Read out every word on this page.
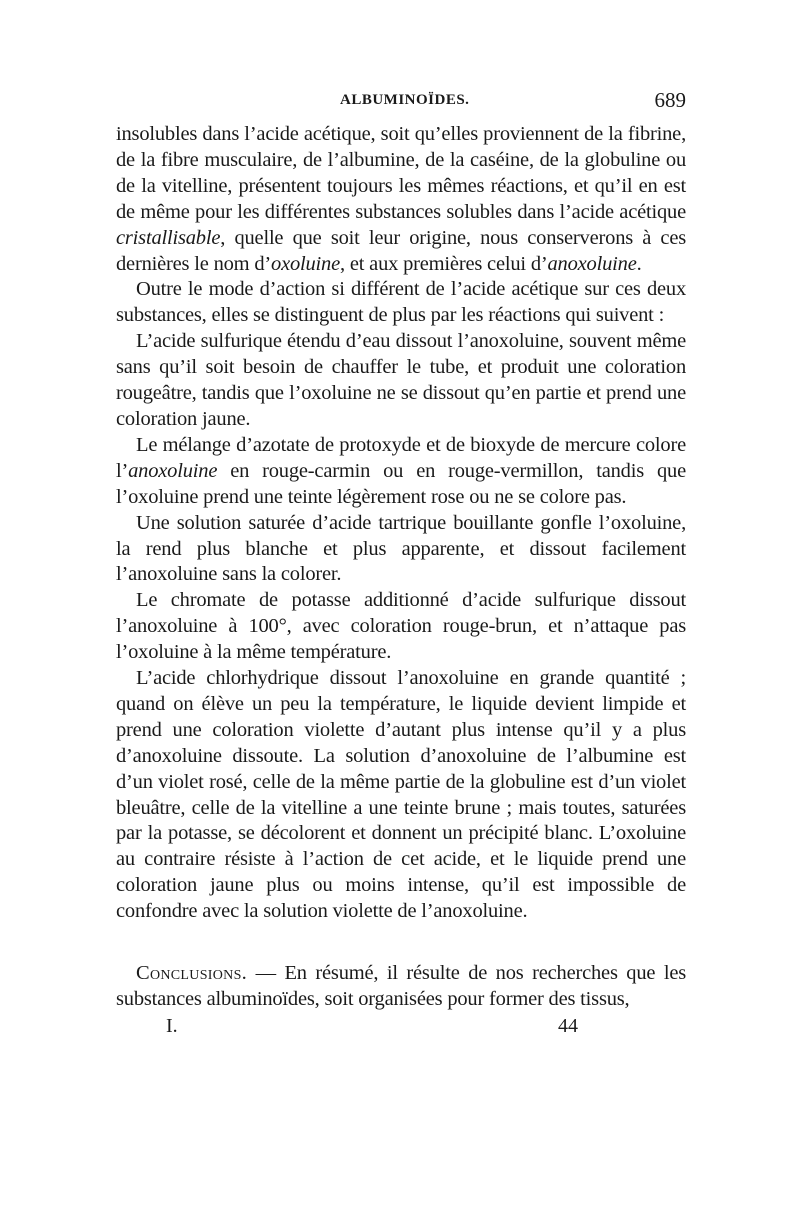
ALBUMINOÏDES.	689

insolubles dans l’acide acétique, soit qu’elles proviennent de la fibrine, de la fibre musculaire, de l’albumine, de la caséine, de la globuline ou de la vitelline, présentent toujours les mêmes réactions, et qu’il en est de même pour les différentes substances solubles dans l’acide acétique cristallisable, quelle que soit leur origine, nous conserverons à ces dernières le nom d’oxoluine, et aux premières celui d’anoxoluine.

Outre le mode d’action si différent de l’acide acétique sur ces deux substances, elles se distinguent de plus par les réactions qui suivent :

L’acide sulfurique étendu d’eau dissout l’anoxoluine, souvent même sans qu’il soit besoin de chauffer le tube, et produit une coloration rougeâtre, tandis que l’oxoluine ne se dissout qu’en partie et prend une coloration jaune.

Le mélange d’azotate de protoxyde et de bioxyde de mercure colore l’anoxoluine en rouge-carmin ou en rouge-vermillon, tandis que l’oxoluine prend une teinte légèrement rose ou ne se colore pas.

Une solution saturée d’acide tartrique bouillante gonfle l’oxoluine, la rend plus blanche et plus apparente, et dissout facilement l’anoxoluine sans la colorer.

Le chromate de potasse additionné d’acide sulfurique dissout l’anoxoluine à 100°, avec coloration rouge-brun, et n’attaque pas l’oxoluine à la même température.

L’acide chlorhydrique dissout l’anoxoluine en grande quantité ; quand on élève un peu la température, le liquide devient limpide et prend une coloration violette d’autant plus intense qu’il y a plus d’anoxoluine dissoute. La solution d’anoxoluine de l’albumine est d’un violet rosé, celle de la même partie de la globuline est d’un violet bleuâtre, celle de la vitelline a une teinte brune ; mais toutes, saturées par la potasse, se décolorent et donnent un précipité blanc. L’oxoluine au contraire résiste à l’action de cet acide, et le liquide prend une coloration jaune plus ou moins intense, qu’il est impossible de confondre avec la solution violette de l’anoxoluine.

Conclusions. — En résumé, il résulte de nos recherches que les substances albuminoïdes, soit organisées pour former des tissus,

I.	44
